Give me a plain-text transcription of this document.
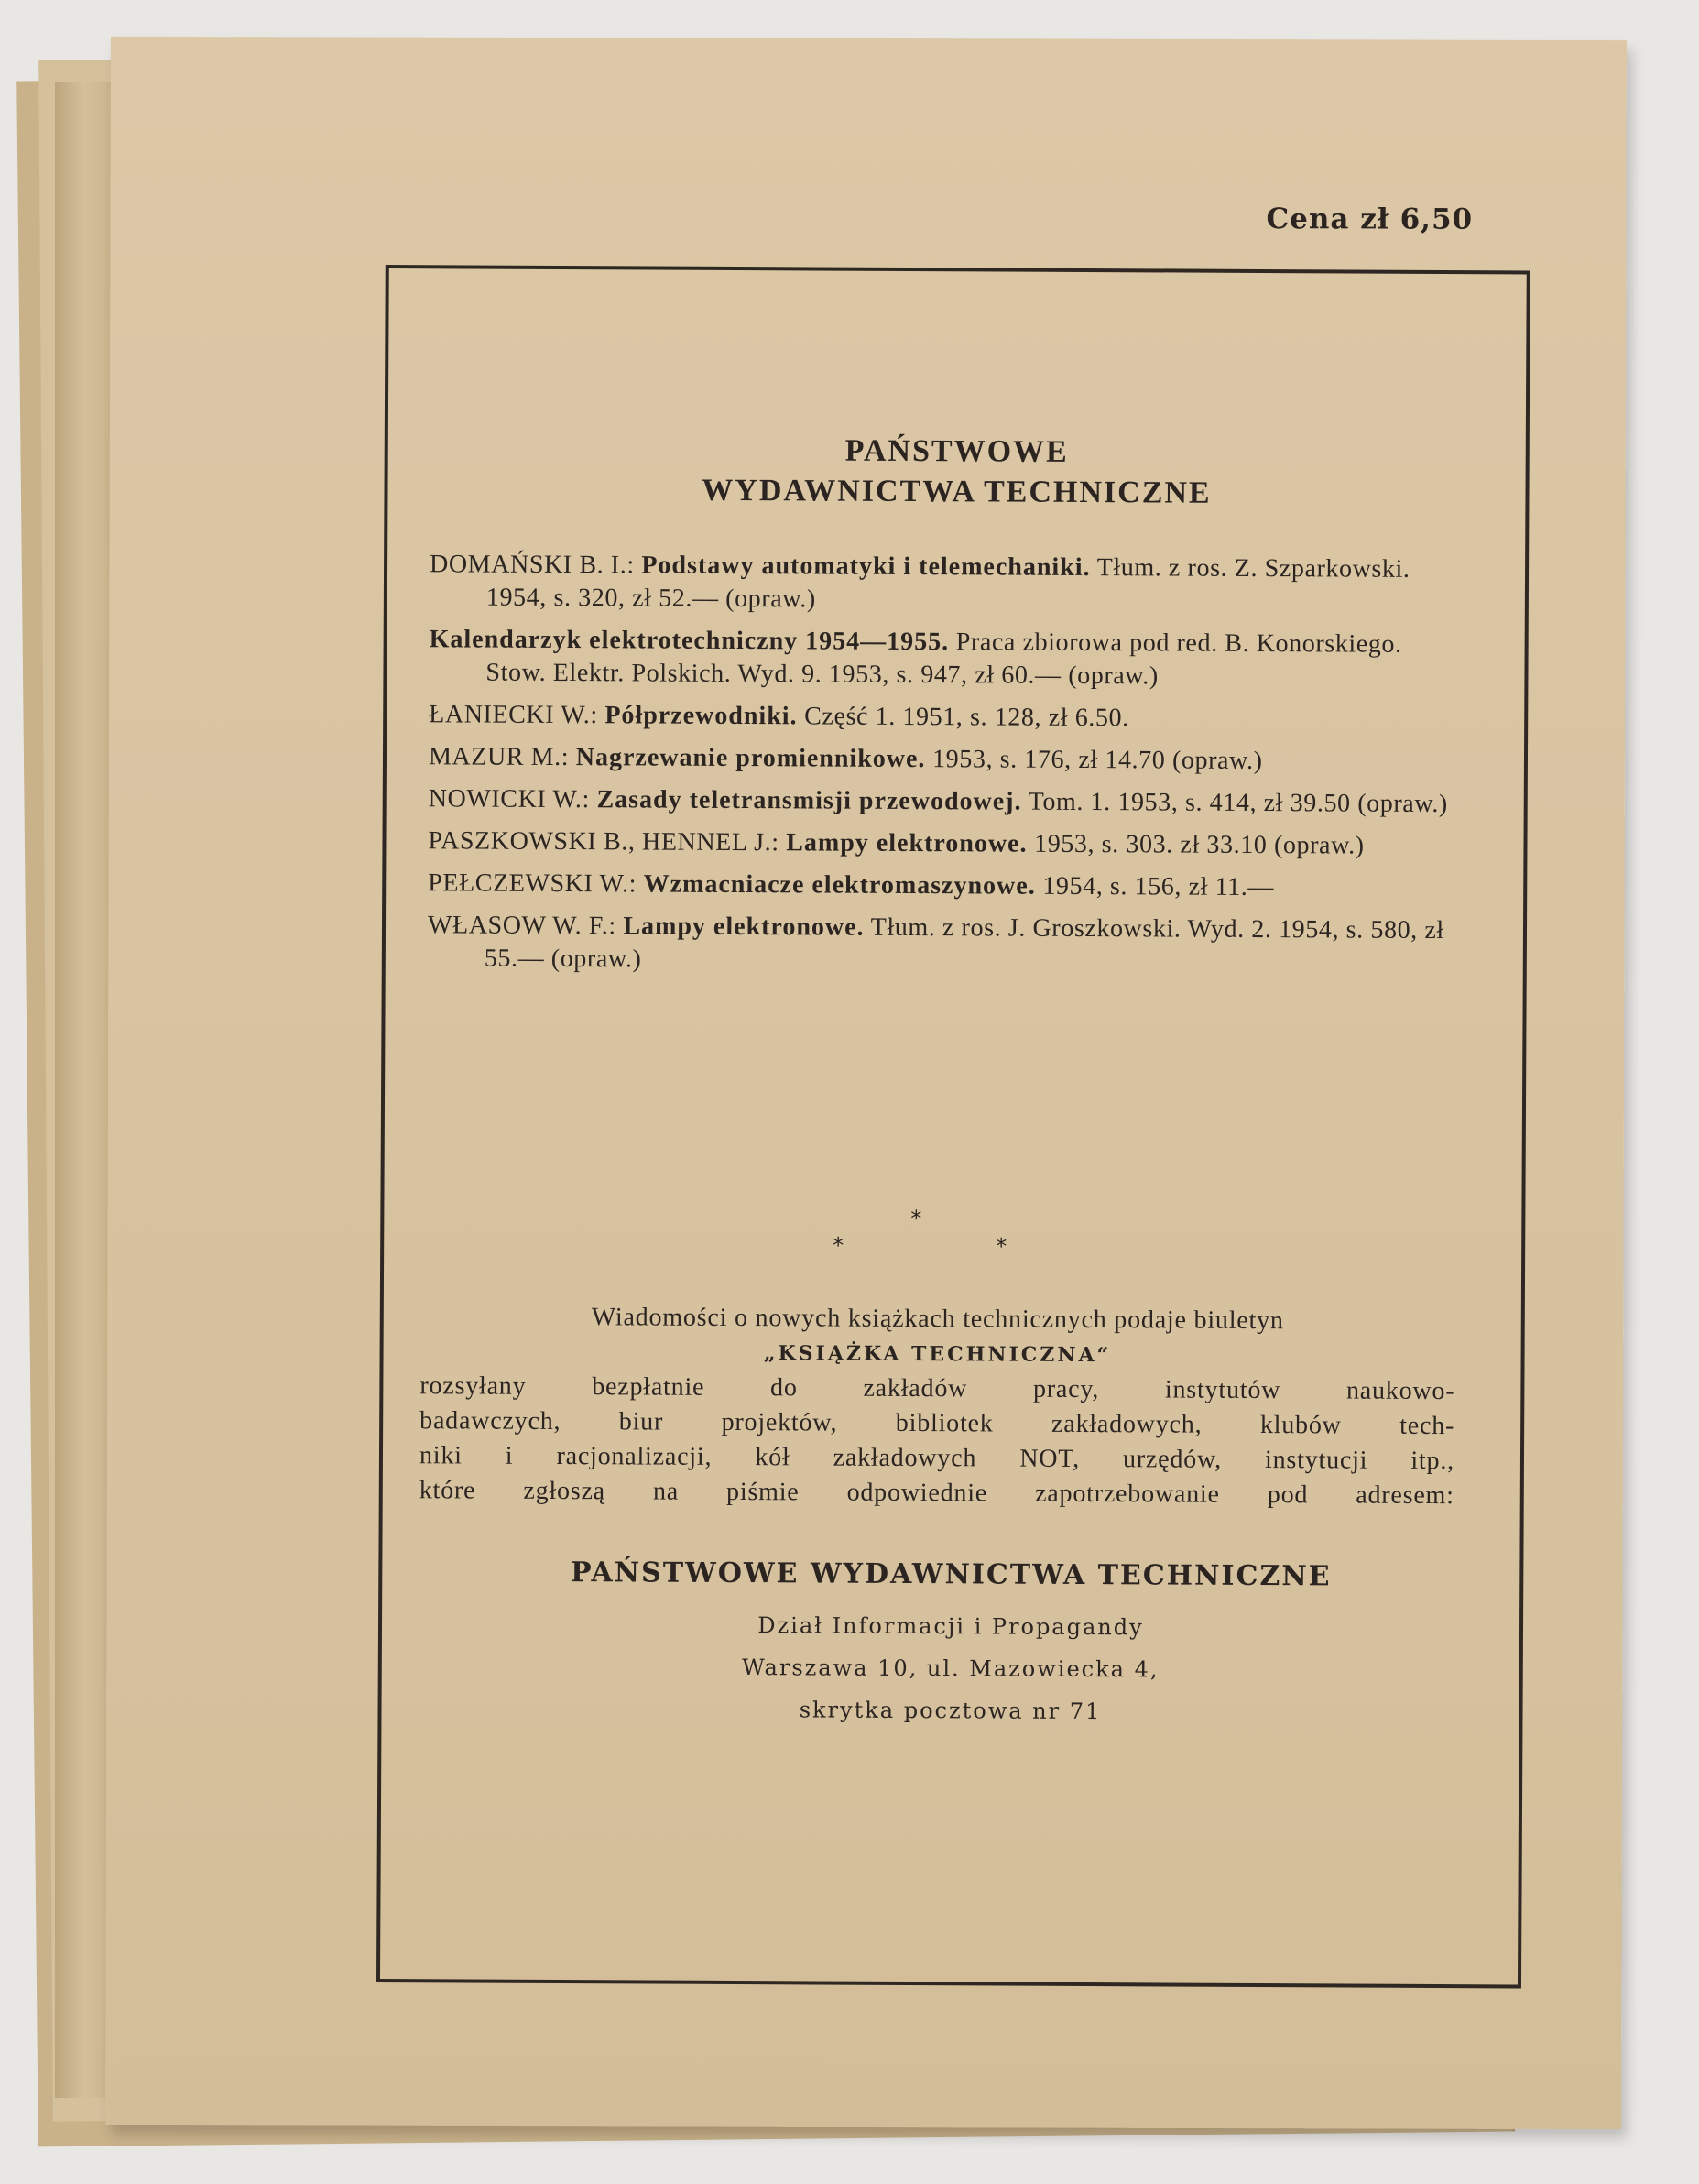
Cena zł 6,50
PAŃSTWOWE
WYDAWNICTWA TECHNICZNE
DOMAŃSKI B. I.: Podstawy automatyki i telemechaniki. Tłum. z ros. Z. Szparkowski. 1954, s. 320, zł 52.— (opraw.)
Kalendarzyk elektrotechniczny 1954—1955. Praca zbiorowa pod red. B. Konorskiego. Stow. Elektr. Polskich. Wyd. 9. 1953, s. 947, zł 60.— (opraw.)
ŁANIECKI W.: Półprzewodniki. Część 1. 1951, s. 128, zł 6.50.
MAZUR M.: Nagrzewanie promiennikowe. 1953, s. 176, zł 14.70 (opraw.)
NOWICKI W.: Zasady teletransmisji przewodowej. Tom. 1. 1953, s. 414, zł 39.50 (opraw.)
PASZKOWSKI B., HENNEL J.: Lampy elektronowe. 1953, s. 303. zł 33.10 (opraw.)
PEŁCZEWSKI W.: Wzmacniacze elektromaszynowe. 1954, s. 156, zł 11.—
WŁASOW W. F.: Lampy elektronowe. Tłum. z ros. J. Groszkowski. Wyd. 2. 1954, s. 580, zł 55.— (opraw.)
*
*	*
Wiadomości o nowych książkach technicznych podaje biuletyn
„KSIĄŻKA TECHNICZNA“
rozsyłany bezpłatnie do zakładów pracy, instytutów naukowo-
badawczych, biur projektów, bibliotek zakładowych, klubów tech-
niki i racjonalizacji, kół zakładowych NOT, urzędów, instytucji itp.,
które zgłoszą na piśmie odpowiednie zapotrzebowanie pod adresem:
PAŃSTWOWE WYDAWNICTWA TECHNICZNE
Dział Informacji i Propagandy
Warszawa 10, ul. Mazowiecka 4,
skrytka pocztowa nr 71
